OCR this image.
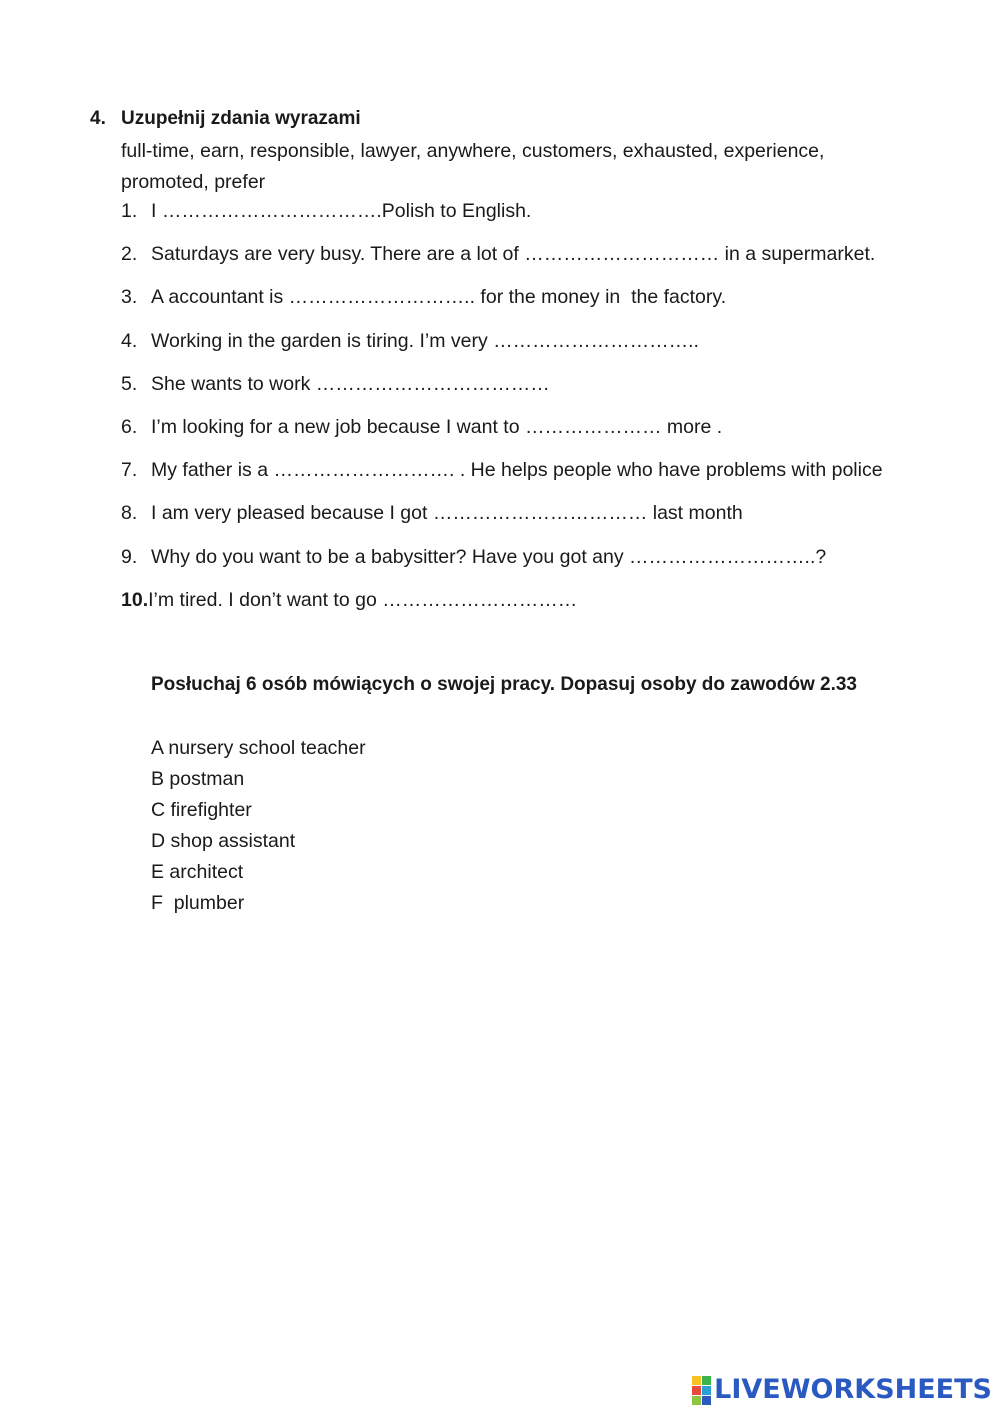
4. Uzupełnij zdania wyrazami
full-time, earn, responsible, lawyer, anywhere, customers, exhausted, experience,
promoted, prefer
1. I …………………………… .Polish to English.
2. Saturdays are very busy. There are a lot of ………………………… in a supermarket.
3. A accountant is ……………………….. for the money in  the factory.
4. Working in the garden is tiring. I’m very …………………………..
5. She wants to work ………………………………
6. I’m looking for a new job because I want to ………………… more .
7. My father is a ………………………. . He helps people who have problems with police
8. I am very pleased because I got …………………………… last month
9. Why do you want to be a babysitter? Have you got any ……………………….. ?
10. I’m tired. I don’t want to go …………………………
Posłuchaj 6 osób mówiących o swojej pracy. Dopasuj osoby do zawodów 2.33
A nursery school teacher
B postman
C firefighter
D shop assistant
E architect
F  plumber
LIVEWORKSHEETS
